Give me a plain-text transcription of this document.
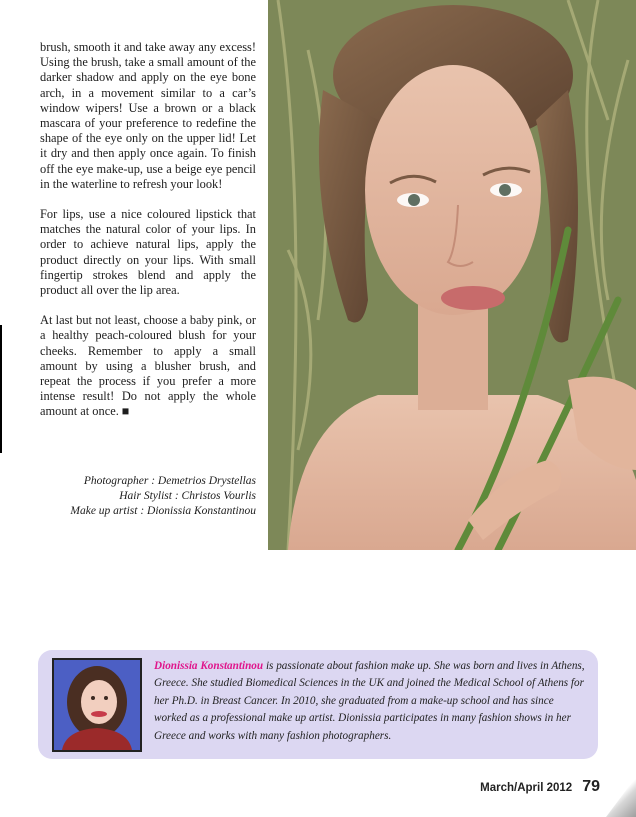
brush, smooth it and take away any excess! Using the brush, take a small amount of the darker shadow and apply on the eye bone arch, in a movement similar to a car’s window wipers! Use a brown or a black mascara of your preference to redefine the shape of the eye only on the upper lid! Let it dry and then apply once again. To finish off the eye make-up, use a beige eye pencil in the waterline to refresh your look!

For lips, use a nice coloured lipstick that matches the natural color of your lips. In order to achieve natural lips, apply the product directly on your lips. With small fingertip strokes blend and apply the product all over the lip area.

At last but not least, choose a baby pink, or a healthy peach-coloured blush for your cheeks. Remember to apply a small amount by using a blusher brush, and repeat the process if you prefer a more intense result! Do not apply the whole amount at once. ■

Photographer : Demetrios Drystellas
Hair Stylist : Christos Vourlis
Make up artist : Dionissia Konstantinou
Dionissia Konstantinou is passionate about fashion make up. She was born and lives in Athens, Greece. She studied Biomedical Sciences in the UK and joined the Medical School of Athens for her Ph.D. in Breast Cancer. In 2010, she graduated from a make-up school and has since worked as a professional make up artist. Dionissia participates in many fashion shows in her Greece and works with many fashion photographers.
March/April 2012 79
